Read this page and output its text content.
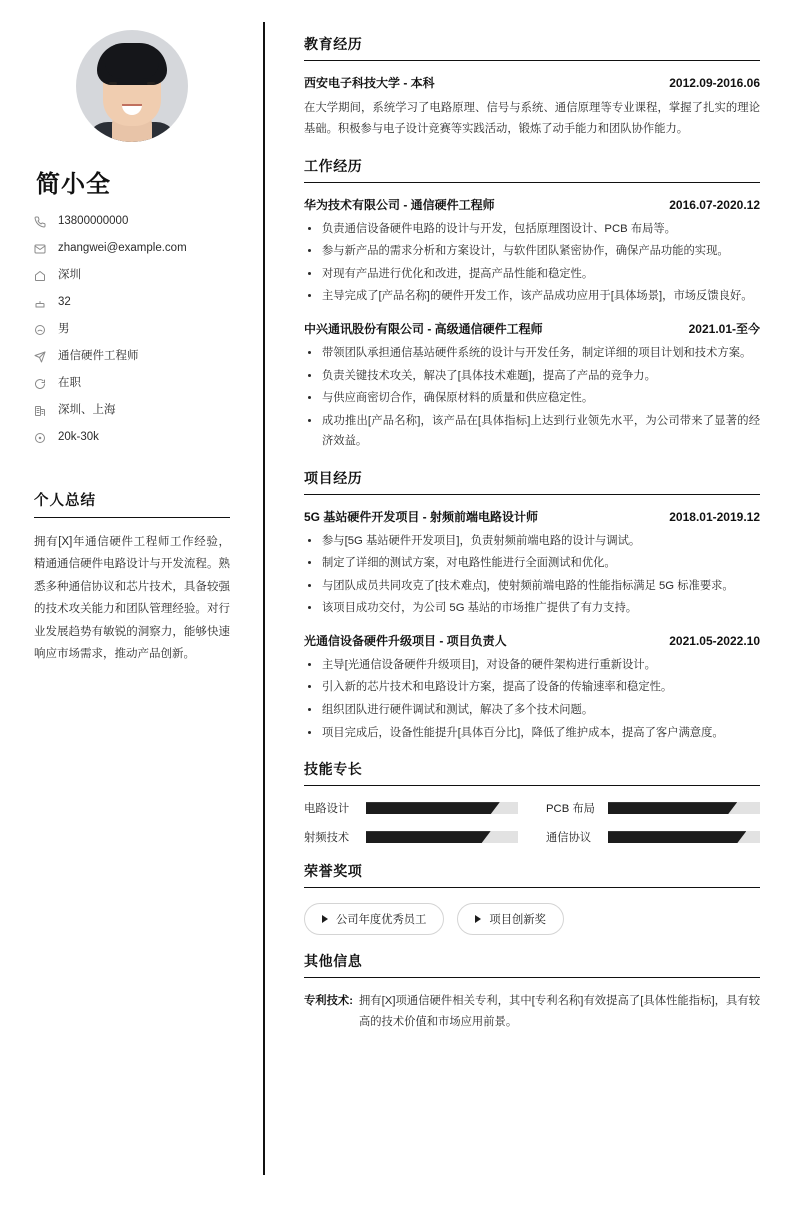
简小全
13800000000
zhangwei@example.com
深圳
32
男
通信硬件工程师
在职
深圳、上海
20k-30k
个人总结

拥有[X]年通信硬件工程师工作经验，精通通信硬件电路设计与开发流程。熟悉多种通信协议和芯片技术，具备较强的技术攻关能力和团队管理经验。对行业发展趋势有敏锐的洞察力，能够快速响应市场需求，推动产品创新。

教育经历
西安电子科技大学 - 本科	2012.09-2016.06

在大学期间，系统学习了电路原理、信号与系统、通信原理等专业课程，掌握了扎实的理论基础。积极参与电子设计竞赛等实践活动，锻炼了动手能力和团队协作能力。

工作经历
华为技术有限公司 - 通信硬件工程师	2016.07-2020.12
负责通信设备硬件电路的设计与开发，包括原理图设计、PCB 布局等。
参与新产品的需求分析和方案设计，与软件团队紧密协作，确保产品功能的实现。
对现有产品进行优化和改进，提高产品性能和稳定性。
主导完成了[产品名称]的硬件开发工作，该产品成功应用于[具体场景]，市场反馈良好。
中兴通讯股份有限公司 - 高级通信硬件工程师	2021.01-至今
带领团队承担通信基站硬件系统的设计与开发任务，制定详细的项目计划和技术方案。
负责关键技术攻关，解决了[具体技术难题]，提高了产品的竞争力。
与供应商密切合作，确保原材料的质量和供应稳定性。
成功推出[产品名称]，该产品在[具体指标]上达到行业领先水平，为公司带来了显著的经济效益。
项目经历
5G 基站硬件开发项目 - 射频前端电路设计师	2018.01-2019.12
参与[5G 基站硬件开发项目]，负责射频前端电路的设计与调试。
制定了详细的测试方案，对电路性能进行全面测试和优化。
与团队成员共同攻克了[技术难点]，使射频前端电路的性能指标满足 5G 标准要求。
该项目成功交付，为公司 5G 基站的市场推广提供了有力支持。
光通信设备硬件升级项目 - 项目负责人	2021.05-2022.10
主导[光通信设备硬件升级项目]，对设备的硬件架构进行重新设计。
引入新的芯片技术和电路设计方案，提高了设备的传输速率和稳定性。
组织团队进行硬件调试和测试，解决了多个技术问题。
项目完成后，设备性能提升[具体百分比]，降低了维护成本，提高了客户满意度。
技能专长
电路设计	PCB 布局
射频技术	通信协议
荣誉奖项
公司年度优秀员工	项目创新奖
其他信息
专利技术: 拥有[X]项通信硬件相关专利，其中[专利名称]有效提高了[具体性能指标]，具有较高的技术价值和市场应用前景。
